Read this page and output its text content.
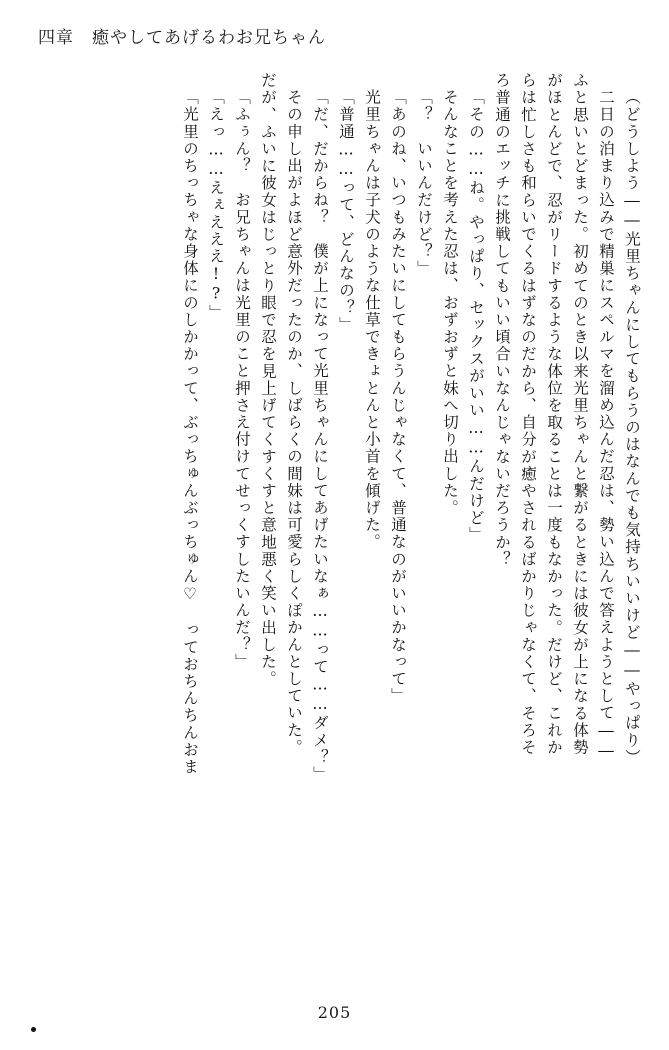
四章 癒やしてあげるわお兄ちゃん
（どうしよう――光里ちゃんにしてもらうのはなんでも気持ちいいけど――やっぱり）
二日の泊まり込みで精巣にスペルマを溜め込んだ忍は、勢い込んで答えようとして――
ふと思いとどまった。初めてのとき以来光里ちゃんと繋がるときには彼女が上になる体勢
がほとんどで、忍がリードするような体位を取ることは一度もなかった。だけど、これか
らは忙しさも和らいでくるはずなのだから、自分が癒やされるばかりじゃなくて、そろそ
ろ普通のエッチに挑戦してもいい頃合いなんじゃないだろうか？
「その……ね。やっぱり、セックスがいい……んだけど」
そんなことを考えた忍は、おずおずと妹へ切り出した。
「？　いいんだけど？」
「あのね、いつもみたいにしてもらうんじゃなくて、普通なのがいいかなって」
光里ちゃんは子犬のような仕草できょとんと小首を傾げた。
「普通……って、どんなの？」
「だ、だからね？　僕が上になって光里ちゃんにしてあげたいなぁ……って……ダメ？」
その申し出がよほど意外だったのか、しばらくの間妹は可愛らしくぽかんとしていた。
だが、ふいに彼女はじっとり眼で忍を見上げてくすくすと意地悪く笑い出した。
「ふぅん？　お兄ちゃんは光里のこと押さえ付けてせっくすしたいんだ？」
「えっ……えぇえええ!?」
「光里のちっちゃな身体にのしかかって、ぶっちゅんぶっちゅん♡　っておちんちんおま
205
